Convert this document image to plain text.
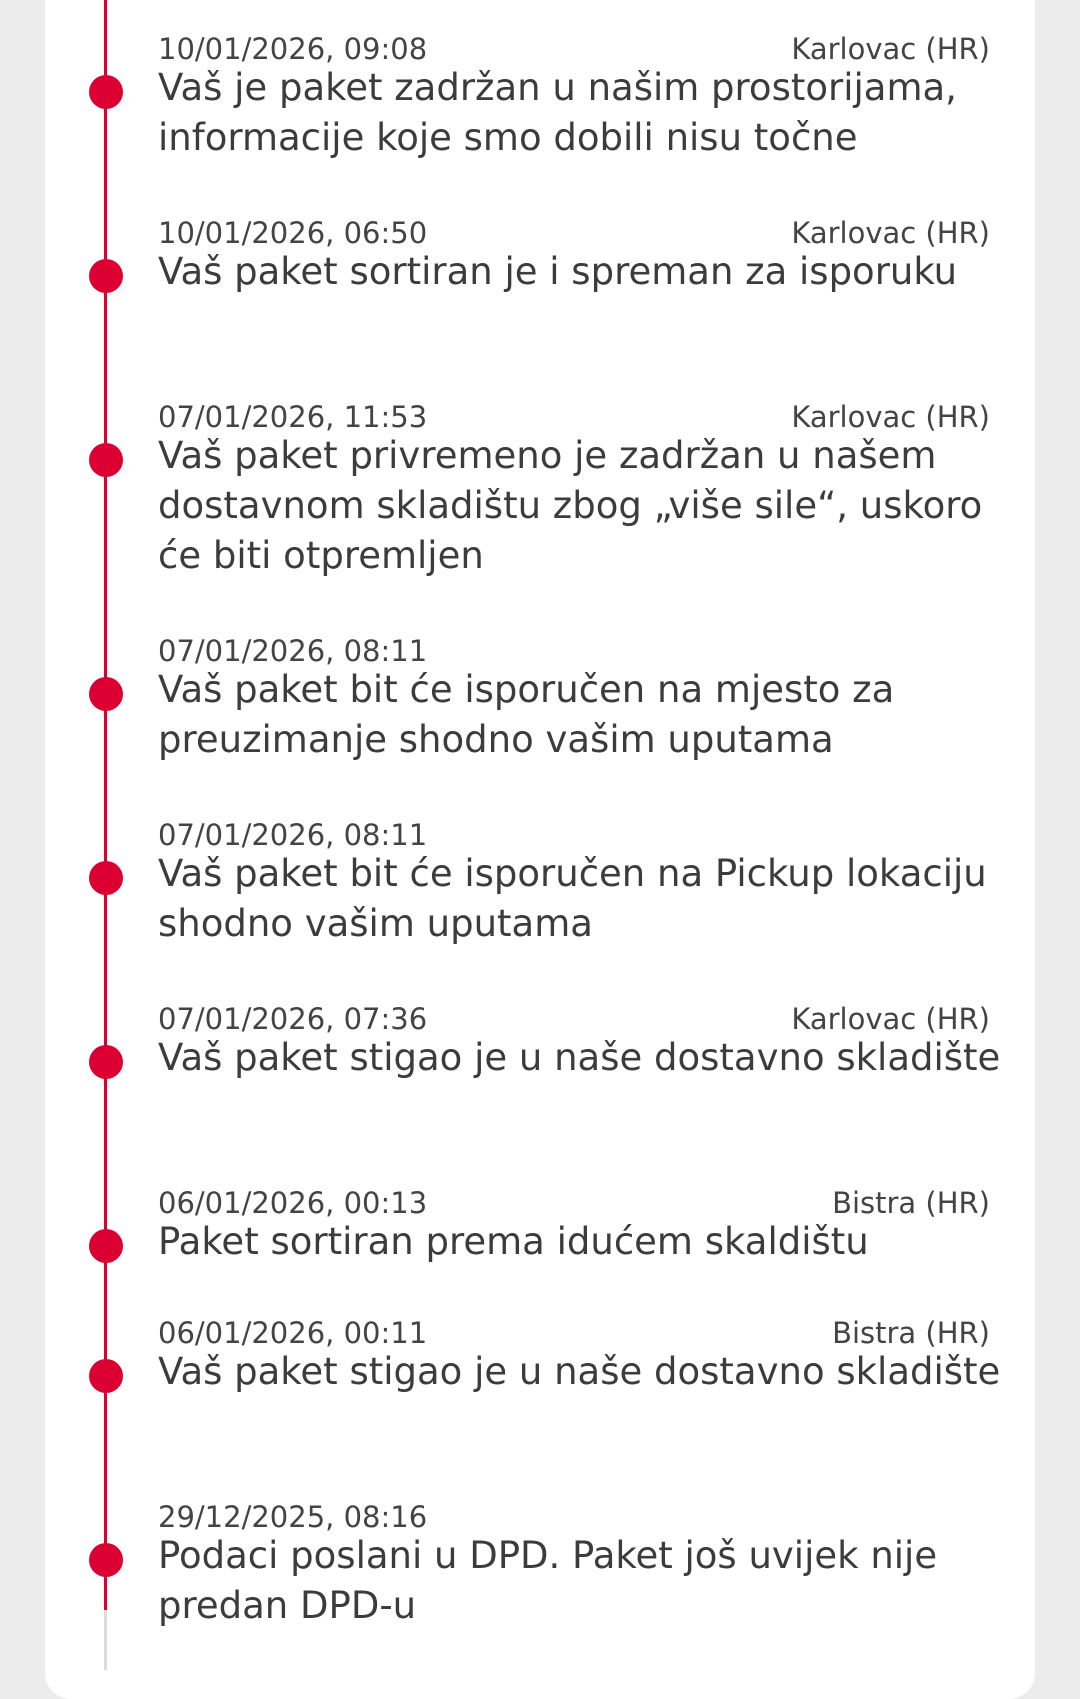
10/01/2026, 09:08	Karlovac (HR)
Vaš je paket zadržan u našim prostorijama, informacije koje smo dobili nisu točne
10/01/2026, 06:50	Karlovac (HR)
Vaš paket sortiran je i spreman za isporuku
07/01/2026, 11:53	Karlovac (HR)
Vaš paket privremeno je zadržan u našem dostavnom skladištu zbog „više sile“, uskoro će biti otpremljen
07/01/2026, 08:11
Vaš paket bit će isporučen na mjesto za preuzimanje shodno vašim uputama
07/01/2026, 08:11
Vaš paket bit će isporučen na Pickup lokaciju shodno vašim uputama
07/01/2026, 07:36	Karlovac (HR)
Vaš paket stigao je u naše dostavno skladište
06/01/2026, 00:13	Bistra (HR)
Paket sortiran prema idućem skaldištu
06/01/2026, 00:11	Bistra (HR)
Vaš paket stigao je u naše dostavno skladište
29/12/2025, 08:16
Podaci poslani u DPD. Paket još uvijek nije predan DPD-u
